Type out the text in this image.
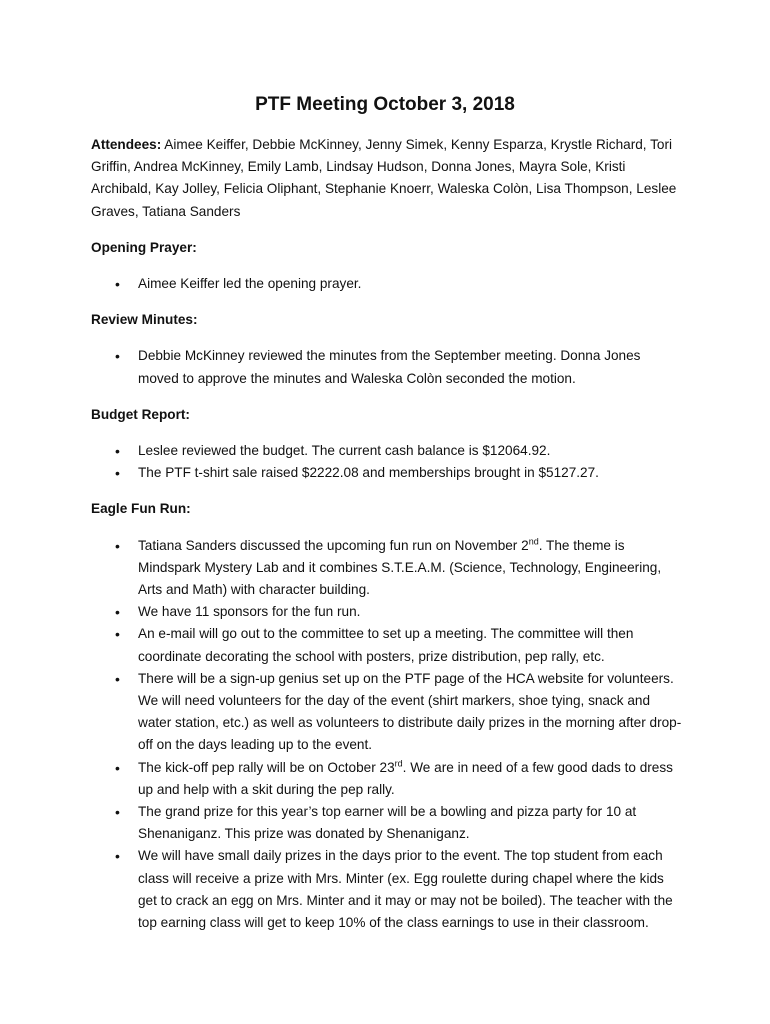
PTF Meeting October 3, 2018

Attendees: Aimee Keiffer, Debbie McKinney, Jenny Simek, Kenny Esparza, Krystle Richard, Tori Griffin, Andrea McKinney, Emily Lamb, Lindsay Hudson, Donna Jones, Mayra Sole, Kristi Archibald, Kay Jolley, Felicia Oliphant, Stephanie Knoerr, Waleska Colòn, Lisa Thompson, Leslee Graves, Tatiana Sanders

Opening Prayer:

• Aimee Keiffer led the opening prayer.

Review Minutes:

• Debbie McKinney reviewed the minutes from the September meeting. Donna Jones moved to approve the minutes and Waleska Colòn seconded the motion.

Budget Report:

• Leslee reviewed the budget. The current cash balance is $12064.92.
• The PTF t-shirt sale raised $2222.08 and memberships brought in $5127.27.

Eagle Fun Run:

• Tatiana Sanders discussed the upcoming fun run on November 2nd. The theme is Mindspark Mystery Lab and it combines S.T.E.A.M. (Science, Technology, Engineering, Arts and Math) with character building.
• We have 11 sponsors for the fun run.
• An e-mail will go out to the committee to set up a meeting. The committee will then coordinate decorating the school with posters, prize distribution, pep rally, etc.
• There will be a sign-up genius set up on the PTF page of the HCA website for volunteers. We will need volunteers for the day of the event (shirt markers, shoe tying, snack and water station, etc.) as well as volunteers to distribute daily prizes in the morning after drop-off on the days leading up to the event.
• The kick-off pep rally will be on October 23rd. We are in need of a few good dads to dress up and help with a skit during the pep rally.
• The grand prize for this year’s top earner will be a bowling and pizza party for 10 at Shenaniganz. This prize was donated by Shenaniganz.
• We will have small daily prizes in the days prior to the event. The top student from each class will receive a prize with Mrs. Minter (ex. Egg roulette during chapel where the kids get to crack an egg on Mrs. Minter and it may or may not be boiled). The teacher with the top earning class will get to keep 10% of the class earnings to use in their classroom.
